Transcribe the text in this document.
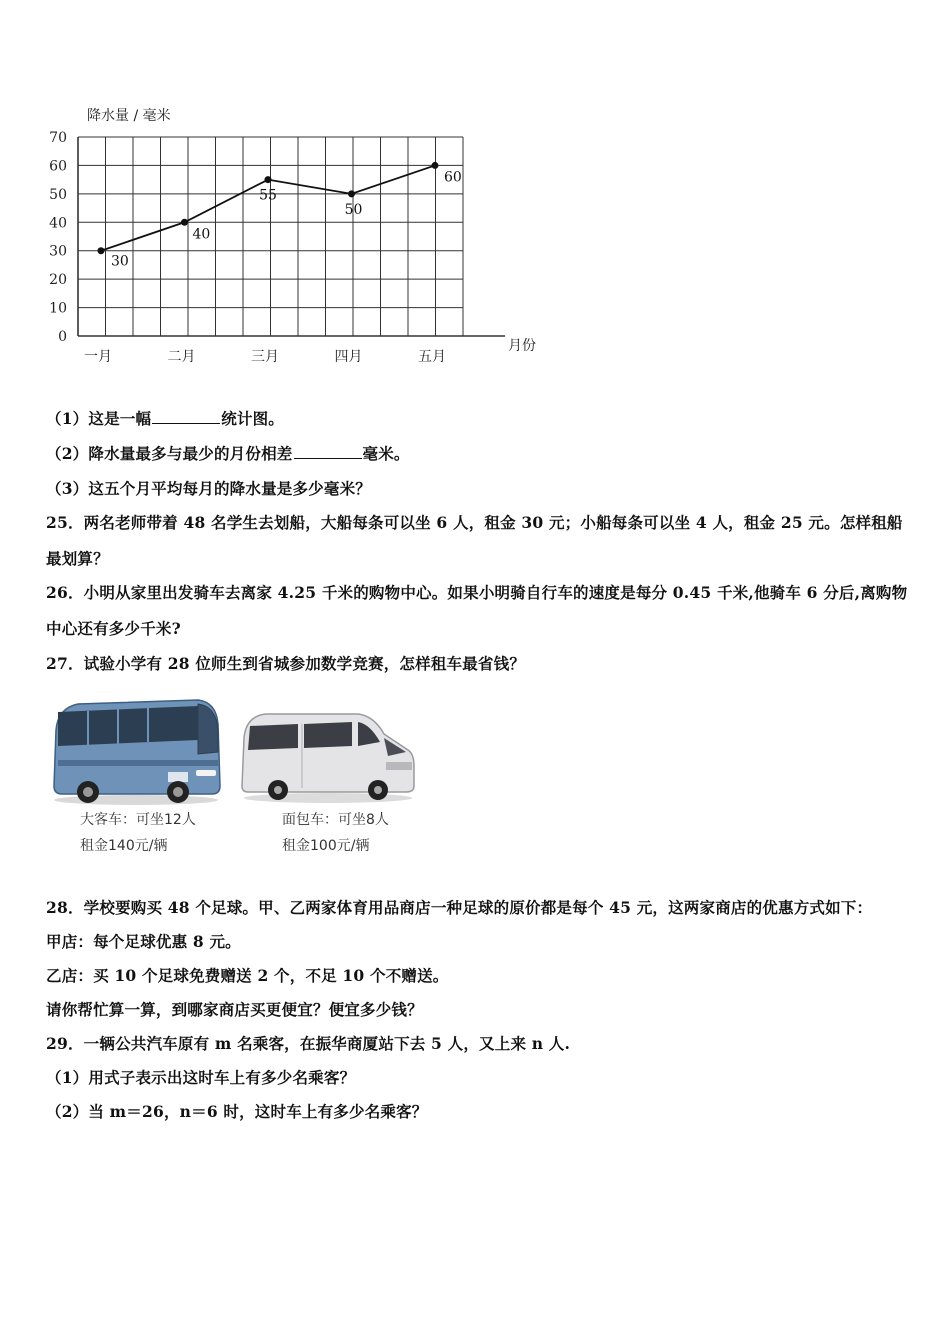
0
10
20
30
40
50
60
70
降水量 / 毫米
月份
一月	二月	三月	四月	五月
30
40
55
50
60
（1）这是一幅	统计图。
（2）降水量最多与最少的月份相差	毫米。
（3）这五个月平均每月的降水量是多少毫米？
25．两名老师带着 48 名学生去划船，大船每条可以坐 6 人，租金 30 元；小船每条可以坐 4 人，租金 25 元。怎样租船
最划算？
26．小明从家里出发骑车去离家 4.25 千米的购物中心。如果小明骑自行车的速度是每分 0.45 千米,他骑车 6 分后,离购物
中心还有多少千米?
27．试验小学有 28 位师生到省城参加数学竞赛，怎样租车最省钱？
大客车：可坐12人
租金140元/辆
面包车：可坐8人
租金100元/辆
28．学校要购买 48 个足球。甲、乙两家体育用品商店一种足球的原价都是每个 45 元，这两家商店的优惠方式如下：
甲店：每个足球优惠 8 元。
乙店：买 10 个足球免费赠送 2 个，不足 10 个不赠送。
请你帮忙算一算，到哪家商店买更便宜？便宜多少钱？
29．一辆公共汽车原有 m 名乘客，在振华商厦站下去 5 人，又上来 n 人.
（1）用式子表示出这时车上有多少名乘客？
（2）当 m＝26，n＝6 时，这时车上有多少名乘客？
